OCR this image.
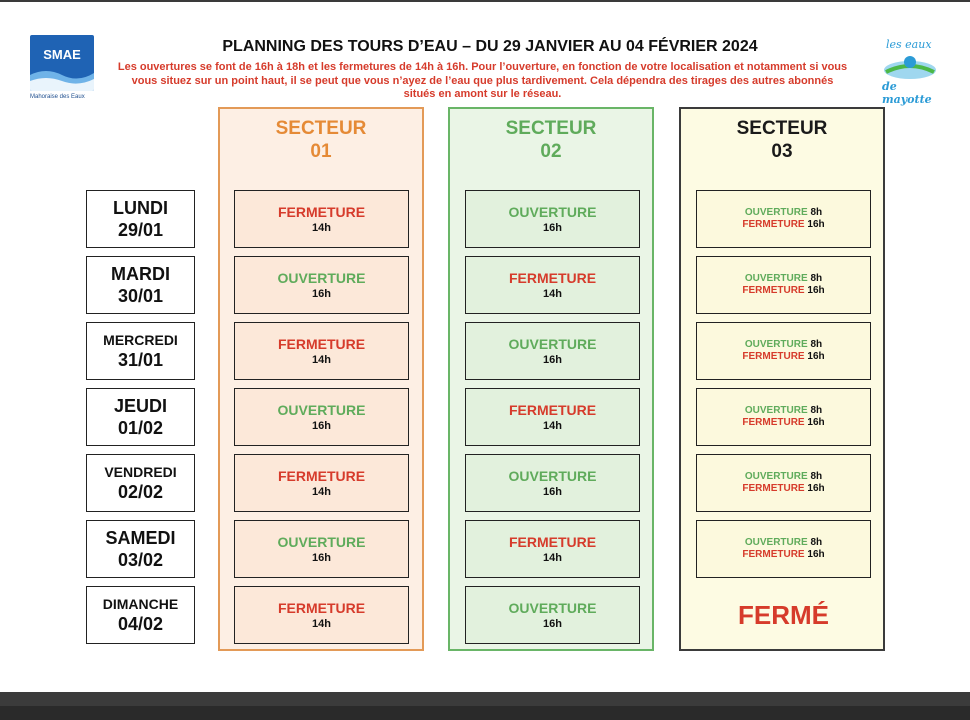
SMAE
Mahoraise des Eaux
les eaux
de mayotte
PLANNING DES TOURS D’EAU – DU 29 JANVIER AU 04 FÉVRIER 2024
Les ouvertures se font de 16h à 18h et les fermetures de 14h à 16h. Pour l’ouverture, en fonction de votre localisation et notamment si vous vous situez sur un point haut, il se peut que vous n’ayez de l’eau que plus tardivement. Cela dépendra des tirages des autres abonnés situés en amont sur le réseau.
SECTEUR
01
SECTEUR
02
SECTEUR
03
LUNDI
29/01
FERMETURE
14h
OUVERTURE
16h
OUVERTURE 8h
FERMETURE 16h
MARDI
30/01
OUVERTURE
16h
FERMETURE
14h
OUVERTURE 8h
FERMETURE 16h
MERCREDI
31/01
FERMETURE
14h
OUVERTURE
16h
OUVERTURE 8h
FERMETURE 16h
JEUDI
01/02
OUVERTURE
16h
FERMETURE
14h
OUVERTURE 8h
FERMETURE 16h
VENDREDI
02/02
FERMETURE
14h
OUVERTURE
16h
OUVERTURE 8h
FERMETURE 16h
SAMEDI
03/02
OUVERTURE
16h
FERMETURE
14h
OUVERTURE 8h
FERMETURE 16h
DIMANCHE
04/02
FERMETURE
14h
OUVERTURE
16h	FERMÉ
